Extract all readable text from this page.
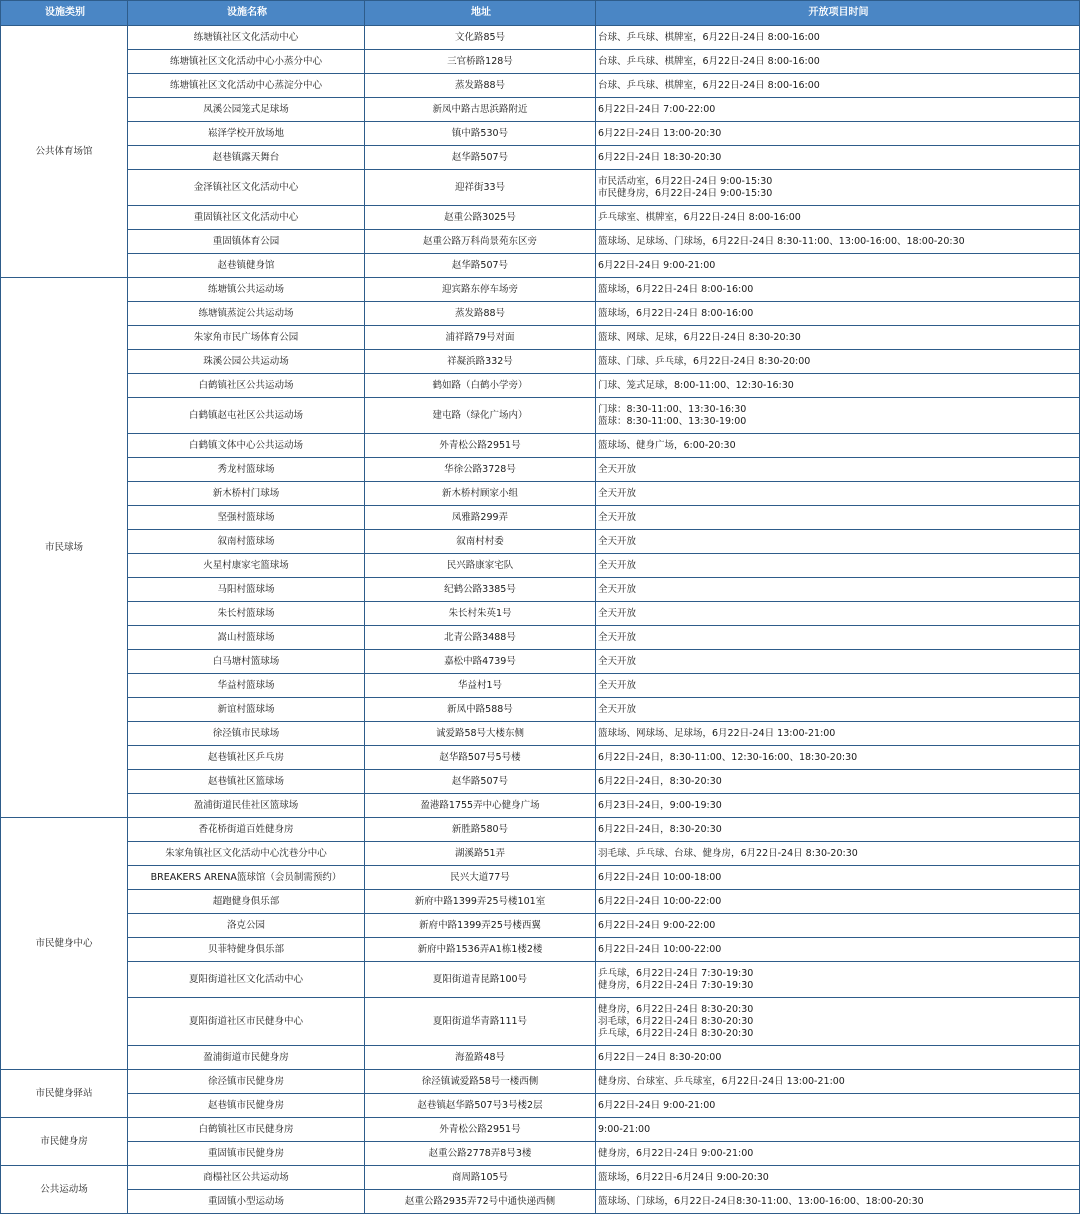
设施类别	设施名称	地址	开放项目时间
公共体育场馆	练塘镇社区文化活动中心	文化路85号	台球、乒乓球、棋牌室，6月22日-24日 8:00-16:00

	练塘镇社区文化活动中心小蒸分中心	三官桥路128号	台球、乒乓球、棋牌室，6月22日-24日 8:00-16:00

	练塘镇社区文化活动中心蒸淀分中心	蒸发路88号	台球、乒乓球、棋牌室，6月22日-24日 8:00-16:00

	凤溪公园笼式足球场	新凤中路古思浜路附近	6月22日-24日 7:00-22:00

	崧泽学校开放场地	镇中路530号	6月22日-24日 13:00-20:30

	赵巷镇露天舞台	赵华路507号	6月22日-24日 18:30-20:30

	金泽镇社区文化活动中心	迎祥街33号	市民活动室，6月22日-24日 9:00-15:30
市民健身房，6月22日-24日 9:00-15:30

	重固镇社区文化活动中心	赵重公路3025号	乒乓球室、棋牌室，6月22日-24日 8:00-16:00

	重固镇体育公园	赵重公路万科尚景苑东区旁	篮球场、足球场、门球场，6月22日-24日 8:30-11:00、13:00-16:00、18:00-20:30

	赵巷镇健身馆	赵华路507号	6月22日-24日 9:00-21:00

市民球场	练塘镇公共运动场	迎宾路东停车场旁	篮球场，6月22日-24日 8:00-16:00

	练塘镇蒸淀公共运动场	蒸发路88号	篮球场，6月22日-24日 8:00-16:00

	朱家角市民广场体育公园	浦祥路79号对面	篮球、网球、足球，6月22日-24日 8:30-20:30

	珠溪公园公共运动场	祥凝浜路332号	篮球、门球、乒乓球，6月22日-24日 8:30-20:00

	白鹤镇社区公共运动场	鹤如路（白鹤小学旁）	门球、笼式足球，8:00-11:00、12:30-16:30

	白鹤镇赵屯社区公共运动场	建屯路（绿化广场内）	门球：8:30-11:00、13:30-16:30
篮球：8:30-11:00、13:30-19:00

	白鹤镇文体中心公共运动场	外青松公路2951号	篮球场、健身广场，6:00-20:30

	秀龙村篮球场	华徐公路3728号	全天开放

	新木桥村门球场	新木桥村顾家小组	全天开放

	坚强村篮球场	凤雅路299弄	全天开放

	叙南村篮球场	叙南村村委	全天开放

	火星村康家宅篮球场	民兴路康家宅队	全天开放

	马阳村篮球场	纪鹤公路3385号	全天开放

	朱长村篮球场	朱长村朱英1号	全天开放

	嵩山村篮球场	北青公路3488号	全天开放

	白马塘村篮球场	嘉松中路4739号	全天开放

	华益村篮球场	华益村1号	全天开放

	新谊村篮球场	新凤中路588号	全天开放

	徐泾镇市民球场	诚爱路58号大楼东侧	篮球场、网球场、足球场，6月22日-24日 13:00-21:00

	赵巷镇社区乒乓房	赵华路507号5号楼	6月22日-24日，8:30-11:00、12:30-16:00、18:30-20:30

	赵巷镇社区篮球场	赵华路507号	6月22日-24日，8:30-20:30

	盈浦街道民佳社区篮球场	盈港路1755弄中心健身广场	6月23日-24日，9:00-19:30

市民健身中心	香花桥街道百姓健身房	新胜路580号	6月22日-24日，8:30-20:30

	朱家角镇社区文化活动中心沈巷分中心	湖溪路51弄	羽毛球、乒乓球、台球、健身房，6月22日-24日 8:30-20:30

	BREAKERS ARENA篮球馆（会员制需预约）	民兴大道77号	6月22日-24日 10:00-18:00

	超跑健身俱乐部	新府中路1399弄25号楼101室	6月22日-24日 10:00-22:00

	洛克公园	新府中路1399弄25号楼西翼	6月22日-24日 9:00-22:00

	贝菲特健身俱乐部	新府中路1536弄A1栋1楼2楼	6月22日-24日 10:00-22:00

	夏阳街道社区文化活动中心	夏阳街道青昆路100号	乒乓球，6月22日-24日 7:30-19:30
健身房，6月22日-24日 7:30-19:30

	夏阳街道社区市民健身中心	夏阳街道华青路111号	健身房，6月22日-24日 8:30-20:30
羽毛球，6月22日-24日 8:30-20:30
乒乓球，6月22日-24日 8:30-20:30

	盈浦街道市民健身房	海盈路48号	6月22日－24日 8:30-20:00

市民健身驿站	徐泾镇市民健身房	徐泾镇诚爱路58号一楼西侧	健身房、台球室、乒乓球室，6月22日-24日 13:00-21:00

	赵巷镇市民健身房	赵巷镇赵华路507号3号楼2层	6月22日-24日 9:00-21:00

市民健身房	白鹤镇社区市民健身房	外青松公路2951号	9:00-21:00

	重固镇市民健身房	赵重公路2778弄8号3楼	健身房，6月22日-24日 9:00-21:00

公共运动场	商榻社区公共运动场	商周路105号	篮球场，6月22日-6月24日 9:00-20:30

	重固镇小型运动场	赵重公路2935弄72号中通快递西侧	篮球场、门球场，6月22日-24日8:30-11:00、13:00-16:00、18:00-20:30
